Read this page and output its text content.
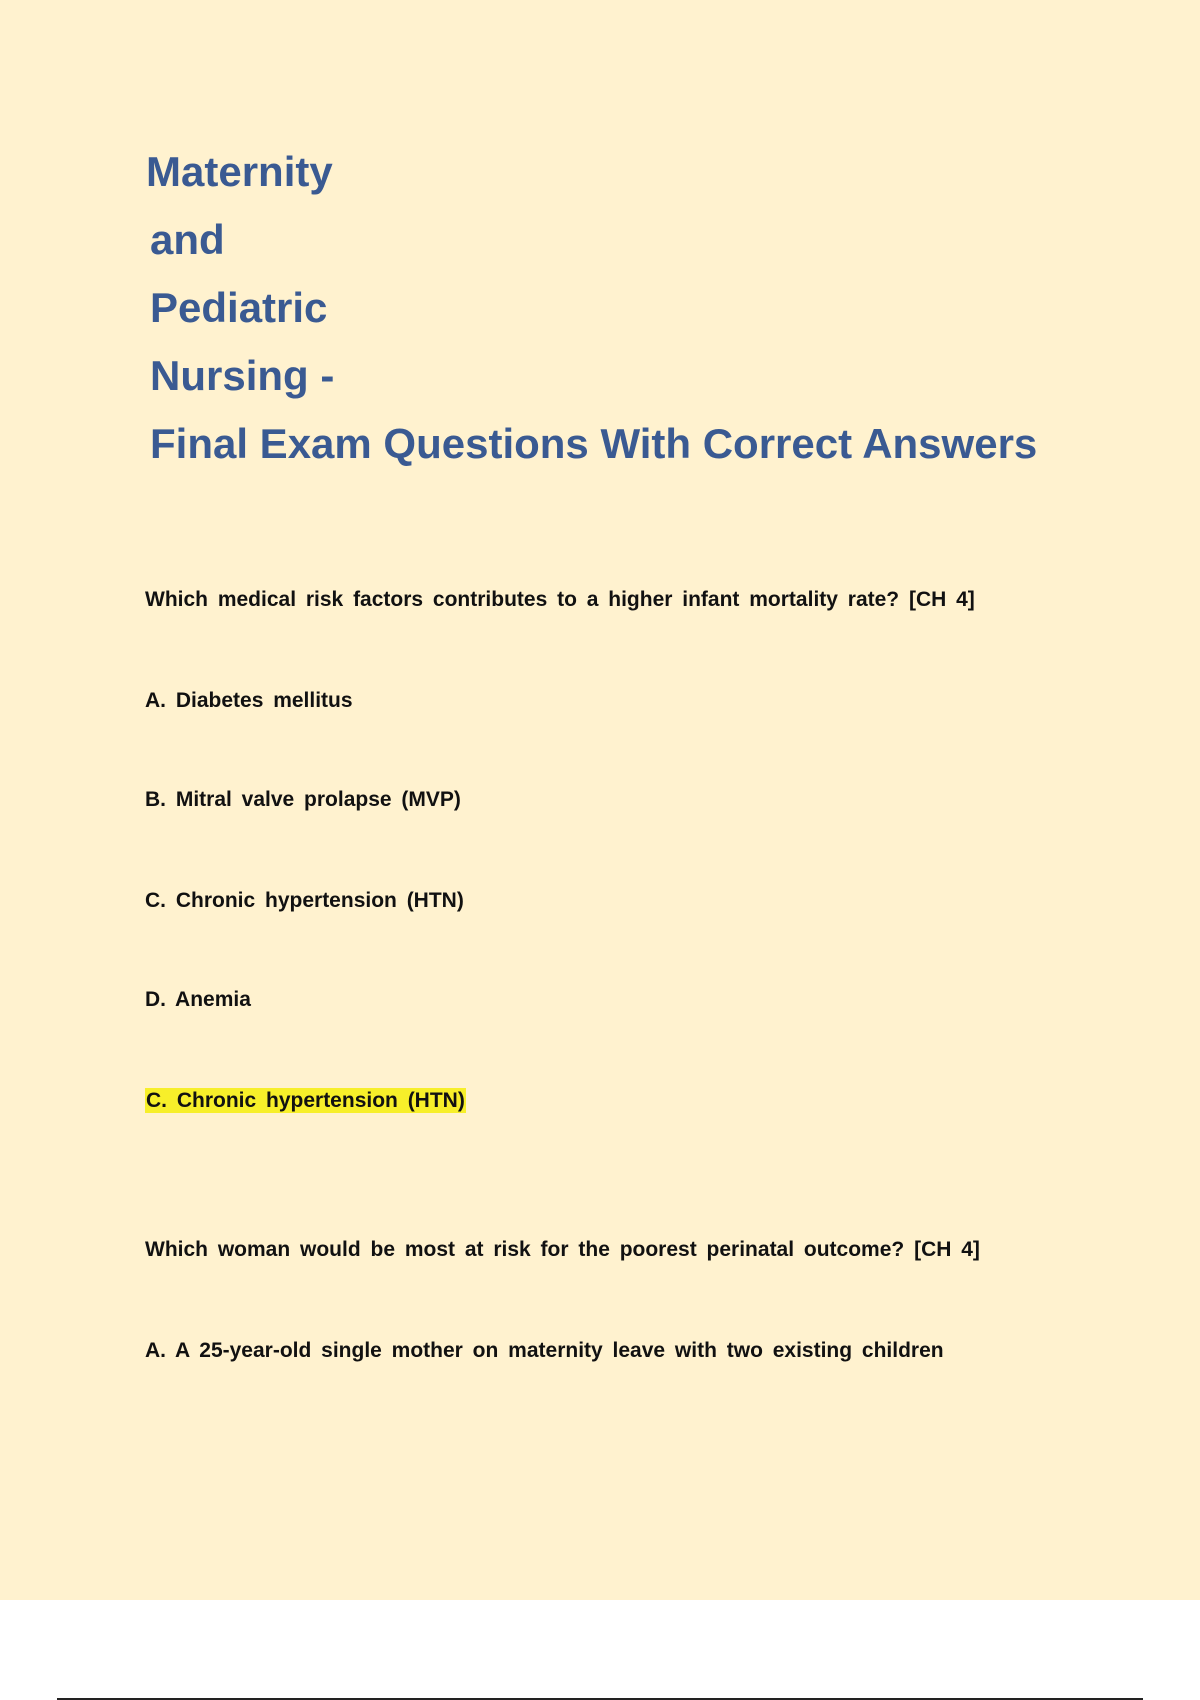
Maternity
and
Pediatric
Nursing -
Final Exam Questions With Correct Answers
Which medical risk factors contributes to a higher infant mortality rate? [CH 4]
A. Diabetes mellitus
B. Mitral valve prolapse (MVP)
C. Chronic hypertension (HTN)
D. Anemia
C. Chronic hypertension (HTN)
Which woman would be most at risk for the poorest perinatal outcome? [CH 4]
A. A 25-year-old single mother on maternity leave with two existing children
